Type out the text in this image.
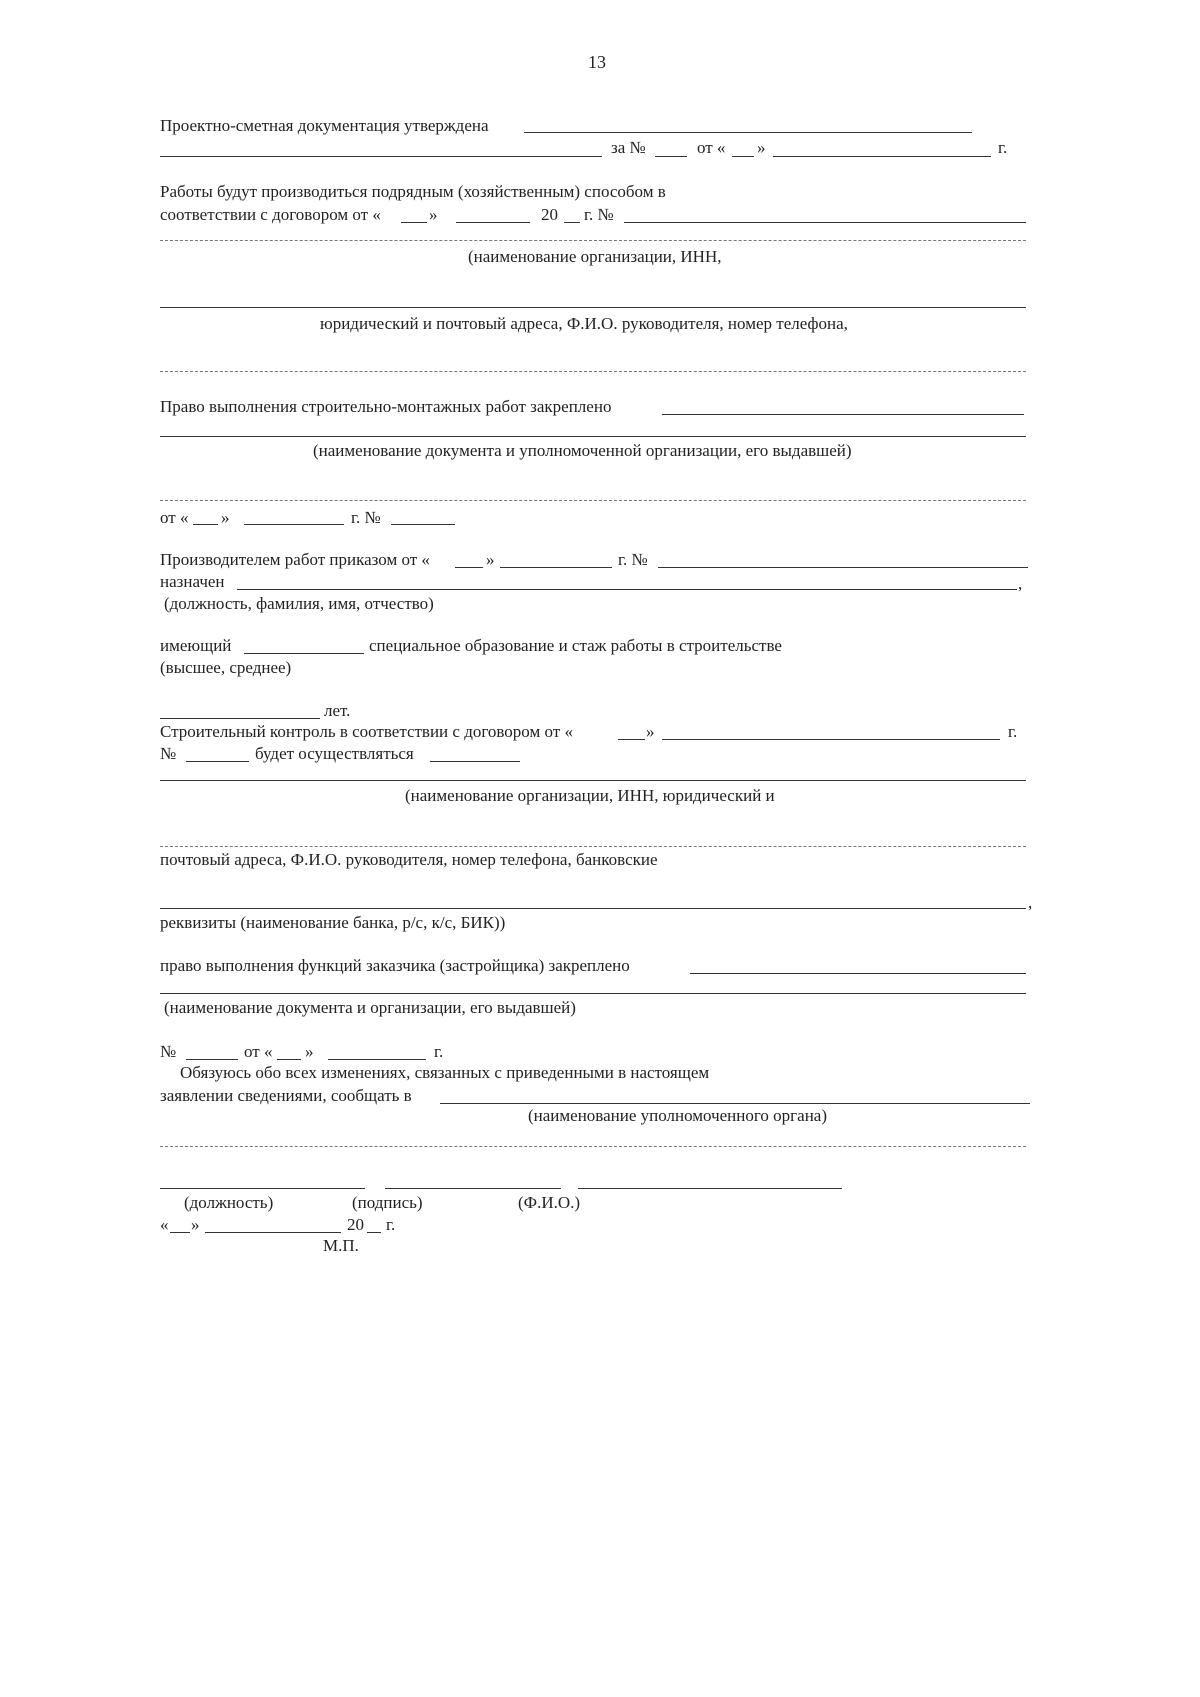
13
Проектно-сметная документация утверждена
за №	от « »	г.
Работы будут производиться подрядным (хозяйственным) способом в
соответствии с договором от «	»	20 г. №
(наименование организации, ИНН,
юридический и почтовый адреса, Ф.И.О. руководителя, номер телефона,
Право выполнения строительно-монтажных работ закреплено
(наименование документа и уполномоченной организации, его выдавшей)
от « »	г. №
Производителем работ приказом от «	»	г. №
назначен	,
(должность, фамилия, имя, отчество)
имеющий	специальное образование и стаж работы в строительстве
(высшее, среднее)
лет.
Строительный контроль в соответствии с договором от «	»	г.
№	будет осуществляться
(наименование организации, ИНН, юридический и
почтовый адреса, Ф.И.О. руководителя, номер телефона, банковские
,
реквизиты (наименование банка, р/с, к/с, БИК))
право выполнения функций заказчика (застройщика) закреплено
(наименование документа и организации, его выдавшей)
№	от « »	г.
Обязуюсь обо всех изменениях, связанных с приведенными в настоящем
заявлении сведениями, сообщать в
(наименование уполномоченного органа)
(должность)	(подпись)	(Ф.И.О.)
« »	20 г.
М.П.
